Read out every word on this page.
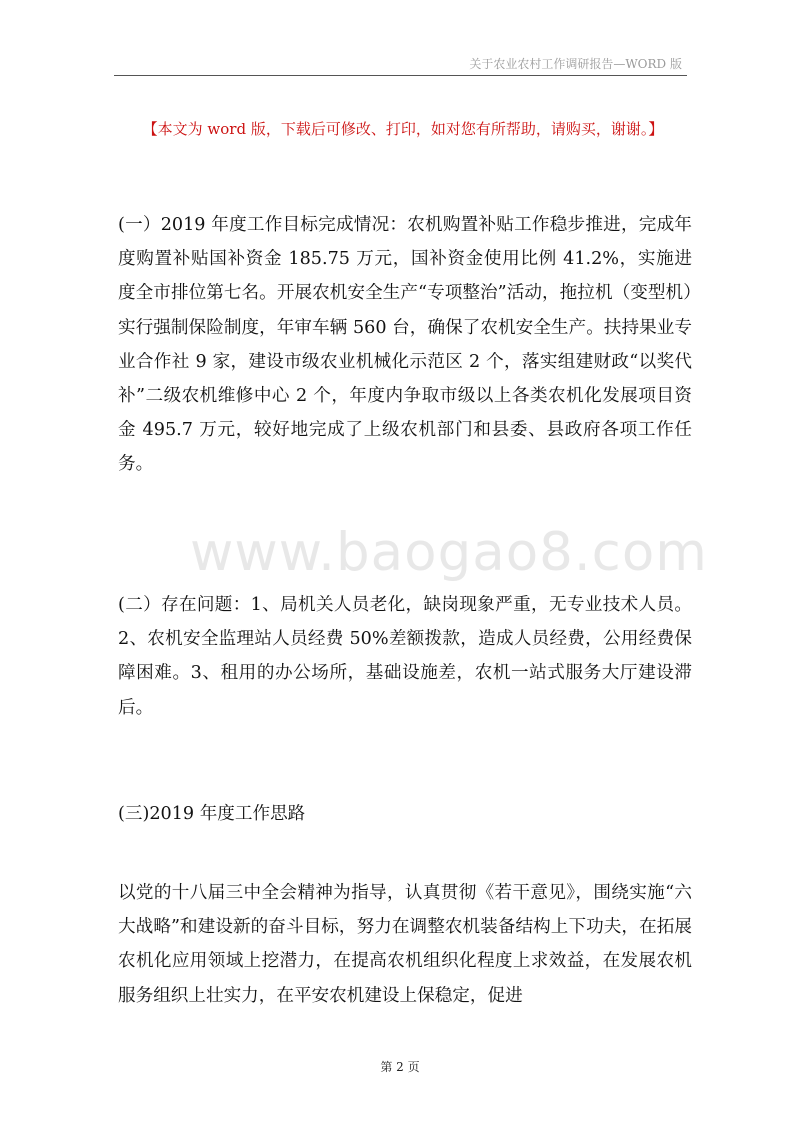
关于农业农村工作调研报告—WORD 版
【本文为 word 版，下载后可修改、打印，如对您有所帮助，请购买，谢谢。】

(一）2019 年度工作目标完成情况：农机购置补贴工作稳步推进，完成年度购置补贴国补资金 185.75 万元，国补资金使用比例 41.2%，实施进度全市排位第七名。开展农机安全生产“专项整治”活动，拖拉机（变型机）实行强制保险制度，年审车辆 560 台，确保了农机安全生产。扶持果业专业合作社 9 家，建设市级农业机械化示范区 2 个，落实组建财政“以奖代补”二级农机维修中心 2 个，年度内争取市级以上各类农机化发展项目资金 495.7 万元，较好地完成了上级农机部门和县委、县政府各项工作任务。

www.baogao8.com

(二）存在问题：1、局机关人员老化，缺岗现象严重，无专业技术人员。2、农机安全监理站人员经费 50%差额拨款，造成人员经费，公用经费保障困难。3、租用的办公场所，基础设施差，农机一站式服务大厅建设滞后。

(三)2019 年度工作思路

以党的十八届三中全会精神为指导，认真贯彻《若干意见》，围绕实施“六大战略”和建设新的奋斗目标，努力在调整农机装备结构上下功夫，在拓展农机化应用领域上挖潜力，在提高农机组织化程度上求效益，在发展农机服务组织上壮实力，在平安农机建设上保稳定，促进

第 2 页
